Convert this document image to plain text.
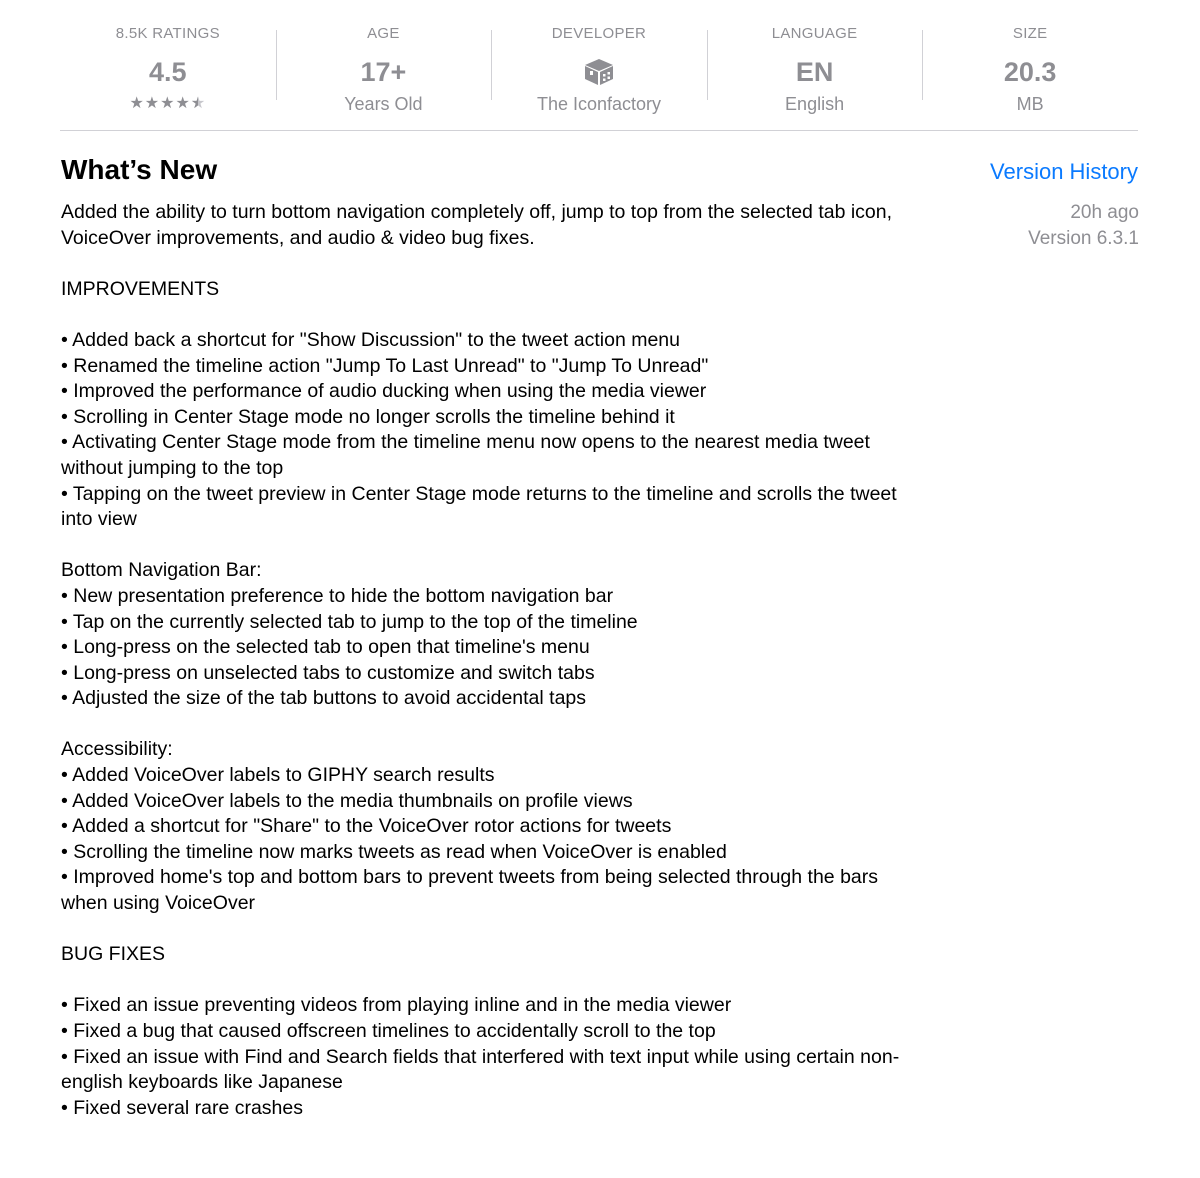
8.5K RATINGS
4.5
★★★★★ ★
AGE
17+
Years Old
DEVELOPER
The Iconfactory
LANGUAGE
EN
English
SIZE
20.3
MB
What’s New	Version History
20h ago
Version 6.3.1

Added the ability to turn bottom navigation completely off, jump to top from the selected tab icon, VoiceOver improvements, and audio & video bug fixes.

IMPROVEMENTS

• Added back a shortcut for "Show Discussion" to the tweet action menu

• Renamed the timeline action "Jump To Last Unread" to "Jump To Unread"

• Improved the performance of audio ducking when using the media viewer

• Scrolling in Center Stage mode no longer scrolls the timeline behind it

• Activating Center Stage mode from the timeline menu now opens to the nearest media tweet without jumping to the top

• Tapping on the tweet preview in Center Stage mode returns to the timeline and scrolls the tweet into view

Bottom Navigation Bar:

• New presentation preference to hide the bottom navigation bar

• Tap on the currently selected tab to jump to the top of the timeline

• Long-press on the selected tab to open that timeline's menu

• Long-press on unselected tabs to customize and switch tabs

• Adjusted the size of the tab buttons to avoid accidental taps

Accessibility:

• Added VoiceOver labels to GIPHY search results

• Added VoiceOver labels to the media thumbnails on profile views

• Added a shortcut for "Share" to the VoiceOver rotor actions for tweets

• Scrolling the timeline now marks tweets as read when VoiceOver is enabled

• Improved home's top and bottom bars to prevent tweets from being selected through the bars when using VoiceOver

BUG FIXES

• Fixed an issue preventing videos from playing inline and in the media viewer

• Fixed a bug that caused offscreen timelines to accidentally scroll to the top

• Fixed an issue with Find and Search fields that interfered with text input while using certain non-english keyboards like Japanese

• Fixed several rare crashes
